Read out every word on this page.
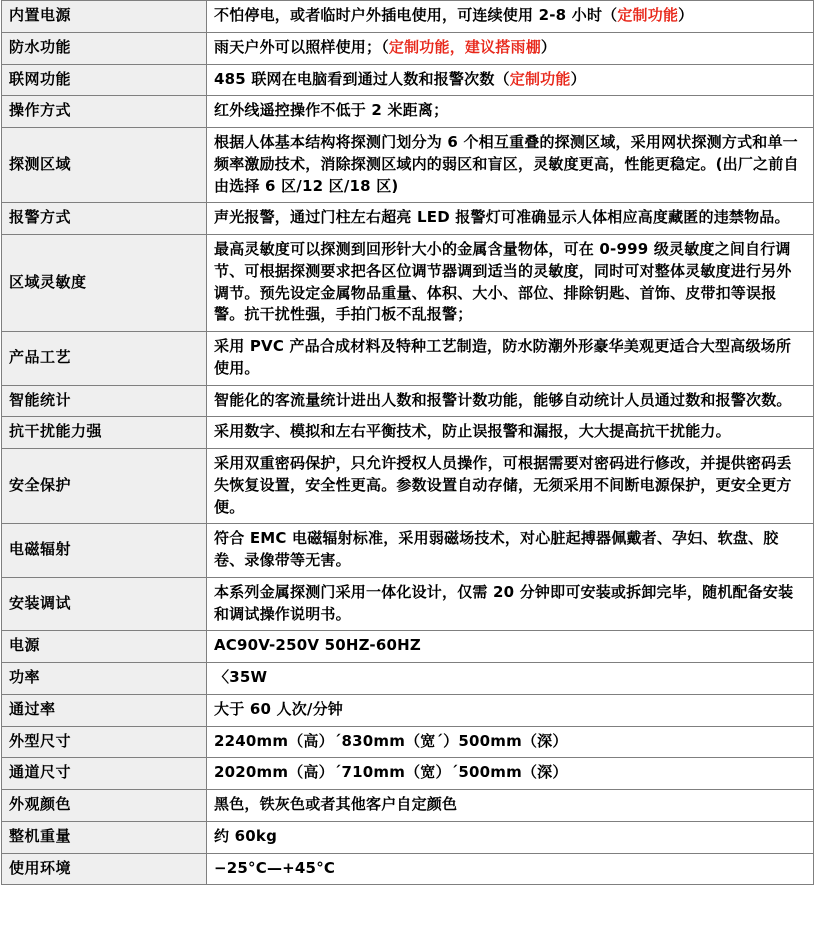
内置电源	不怕停电，或者临时户外插电使用，可连续使用 2-8 小时（定制功能）
防水功能	雨天户外可以照样使用；（定制功能，建议搭雨棚）
联网功能	485 联网在电脑看到通过人数和报警次数（定制功能）
操作方式	红外线遥控操作不低于 2 米距离；
探测区域	根据人体基本结构将探测门划分为 6 个相互重叠的探测区域，采用网状探测方式和单一频率激励技术，消除探测区域内的弱区和盲区，灵敏度更高，性能更稳定。(出厂之前自由选择 6 区/12 区/18 区)
报警方式	声光报警，通过门柱左右超亮 LED 报警灯可准确显示人体相应高度藏匿的违禁物品。
区域灵敏度	最高灵敏度可以探测到回形针大小的金属含量物体，可在 0-999 级灵敏度之间自行调节、可根据探测要求把各区位调节器调到适当的灵敏度，同时可对整体灵敏度进行另外调节。预先设定金属物品重量、体积、大小、部位、排除钥匙、首饰、皮带扣等误报警。抗干扰性强，手拍门板不乱报警；
产品工艺	采用 PVC 产品合成材料及特种工艺制造，防水防潮外形豪华美观更适合大型高级场所使用。
智能统计	智能化的客流量统计进出人数和报警计数功能，能够自动统计人员通过数和报警次数。
抗干扰能力强	采用数字、模拟和左右平衡技术，防止误报警和漏报，大大提高抗干扰能力。
安全保护	采用双重密码保护，只允许授权人员操作，可根据需要对密码进行修改，并提供密码丢失恢复设置，安全性更高。参数设置自动存储，无须采用不间断电源保护，更安全更方便。
电磁辐射	符合 EMC 电磁辐射标准，采用弱磁场技术，对心脏起搏器佩戴者、孕妇、软盘、胶卷、录像带等无害。
安装调试	本系列金属探测门采用一体化设计，仅需 20 分钟即可安装或拆卸完毕，随机配备安装和调试操作说明书。
电源	AC90V-250V 50HZ-60HZ
功率	〈35W
通过率	大于 60 人次/分钟
外型尺寸	2240mm（高）´830mm（宽´）500mm（深）
通道尺寸	2020mm（高）´710mm（宽）´500mm（深）
外观颜色	黑色，铁灰色或者其他客户自定颜色
整机重量	约 60kg
使用环境	−25°C—+45°C
